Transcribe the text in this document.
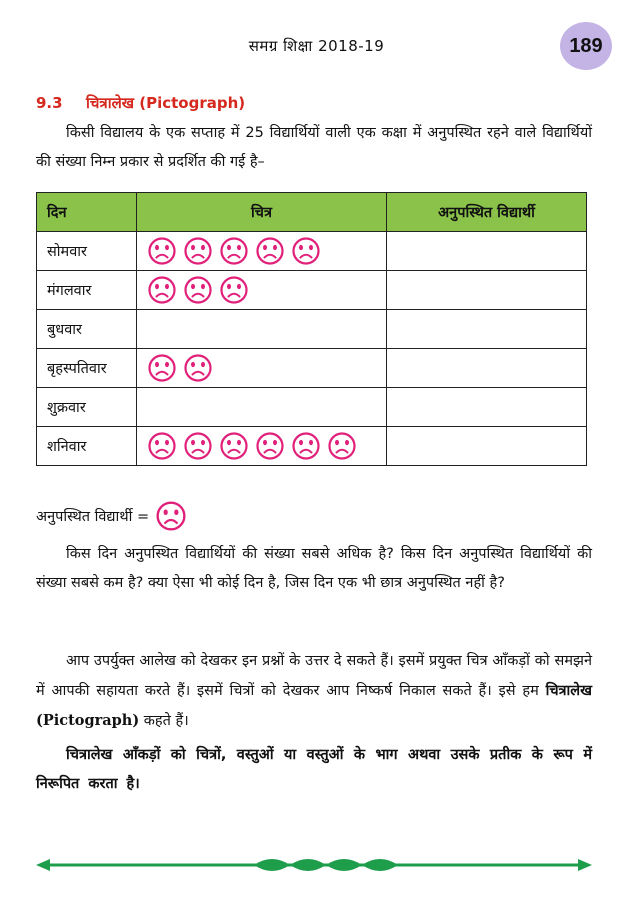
समग्र शिक्षा 2018-19	189
9.3 चित्रालेख (Pictograph)
किसी विद्यालय के एक सप्ताह में 25 विद्यार्थियों वाली एक कक्षा में अनुपस्थित रहने वाले विद्यार्थियों की संख्या निम्न प्रकार से प्रदर्शित की गई है–
दिन	चित्र	अनुपस्थित विद्यार्थी
सोमवार	

मंगलवार	

बुधवार	

बृहस्पतिवार	

शुक्रवार	

शनिवार	

अनुपस्थित विद्यार्थी =
किस दिन अनुपस्थित विद्यार्थियों की संख्या सबसे अधिक है? किस दिन अनुपस्थित विद्यार्थियों की संख्या सबसे कम है? क्या ऐसा भी कोई दिन है, जिस दिन एक भी छात्र अनुपस्थित नहीं है?
आप उपर्युक्त आलेख को देखकर इन प्रश्नों के उत्तर दे सकते हैं। इसमें प्रयुक्त चित्र आँकड़ों को समझने में आपकी सहायता करते हैं। इसमें चित्रों को देखकर आप निष्कर्ष निकाल सकते हैं। इसे हम चित्रालेख (Pictograph) कहते हैं।
चित्रालेख आँकड़ों को चित्रों, वस्तुओं या वस्तुओं के भाग अथवा उसके प्रतीक के रूप में निरूपित करता है।
